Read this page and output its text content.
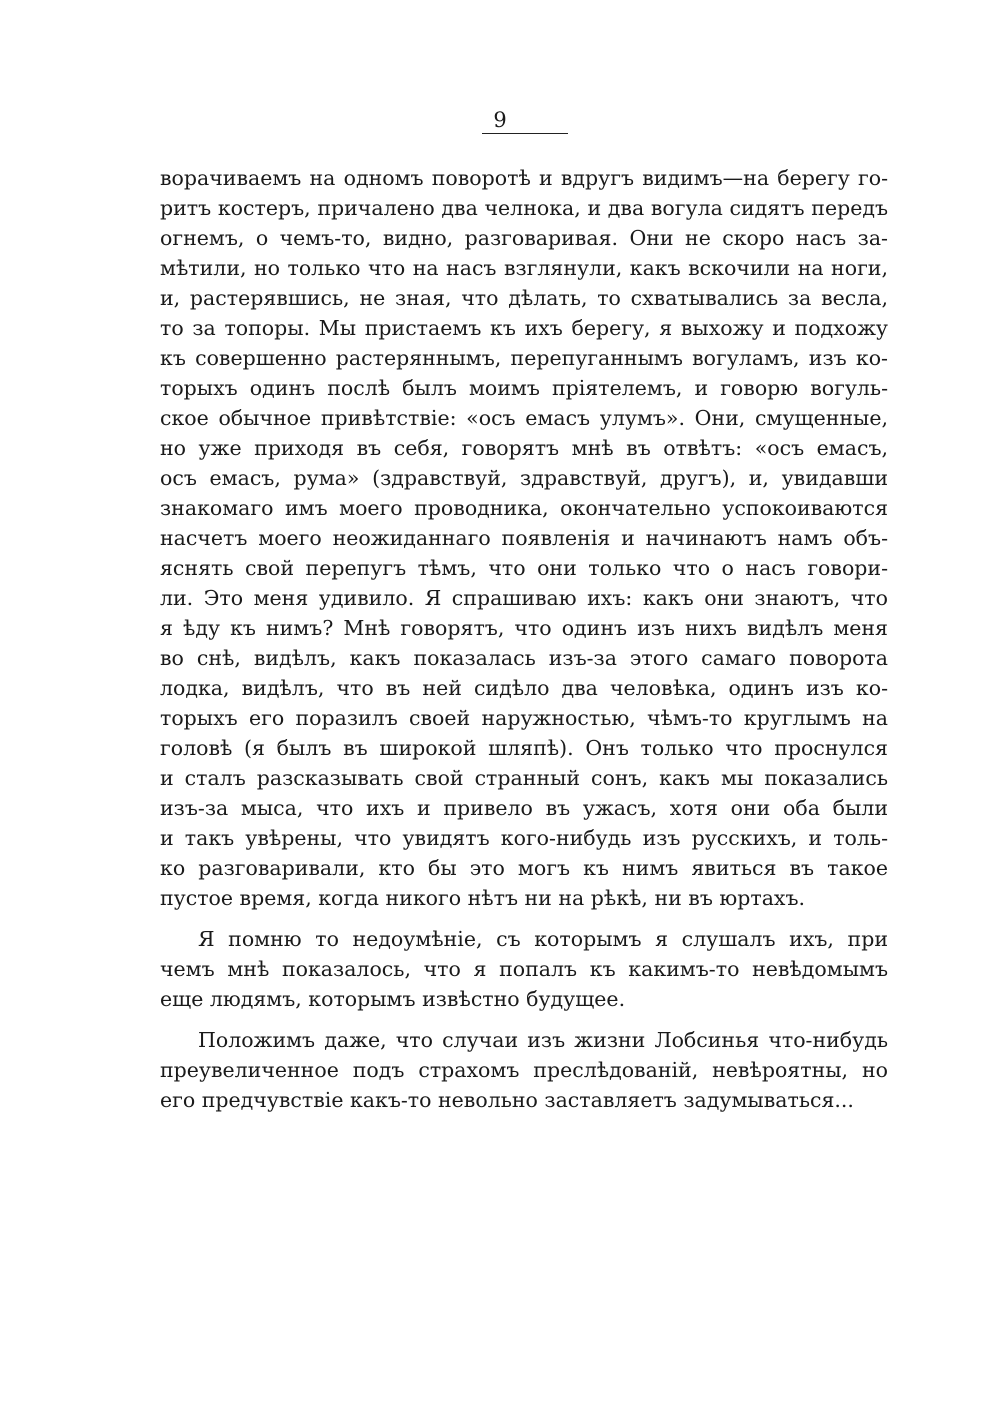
9
ворачиваемъ на одномъ поворотѣ и вдругъ видимъ—на берегу го-
ритъ костеръ, причалено два челнока, и два вогула сидятъ передъ
огнемъ, о чемъ-то, видно, разговаривая. Они не скоро насъ за-
мѣтили, но только что на насъ взглянули, какъ вскочили на ноги,
и, растерявшись, не зная, что дѣлать, то схватывались за весла,
то за топоры. Мы пристаемъ къ ихъ берегу, я выхожу и подхожу
къ совершенно растеряннымъ, перепуганнымъ вогуламъ, изъ ко-
торыхъ одинъ послѣ былъ моимъ пріятелемъ, и говорю вогуль-
ское обычное привѣтствіе: «осъ емасъ улумъ». Они, смущенные,
но уже приходя въ себя, говорятъ мнѣ въ отвѣтъ: «осъ емасъ,
осъ емасъ, рума» (здравствуй, здравствуй, другъ), и, увидавши
знакомаго имъ моего проводника, окончательно успокоиваются
насчетъ моего неожиданнаго появленія и начинаютъ намъ объ-
яснять свой перепугъ тѣмъ, что они только что о насъ говори-
ли. Это меня удивило. Я спрашиваю ихъ: какъ они знаютъ, что
я ѣду къ нимъ? Мнѣ говорятъ, что одинъ изъ нихъ видѣлъ меня
во снѣ, видѣлъ, какъ показалась изъ-за этого самаго поворота
лодка, видѣлъ, что въ ней сидѣло два человѣка, одинъ изъ ко-
торыхъ его поразилъ своей наружностью, чѣмъ-то круглымъ на
головѣ (я былъ въ широкой шляпѣ). Онъ только что проснулся
и сталъ разсказывать свой странный сонъ, какъ мы показались
изъ-за мыса, что ихъ и привело въ ужасъ, хотя они оба были
и такъ увѣрены, что увидятъ кого-нибудь изъ русскихъ, и толь-
ко разговаривали, кто бы это могъ къ нимъ явиться въ такое
пустое время, когда никого нѣтъ ни на рѣкѣ, ни въ юртахъ.
Я помню то недоумѣніе, съ которымъ я слушалъ ихъ, при
чемъ мнѣ показалось, что я попалъ къ какимъ-то невѣдомымъ
еще людямъ, которымъ извѣстно будущее.
Положимъ даже, что случаи изъ жизни Лобсинья что-нибудь
преувеличенное подъ страхомъ преслѣдованій, невѣроятны, но
его предчувствіе какъ-то невольно заставляетъ задумываться...
